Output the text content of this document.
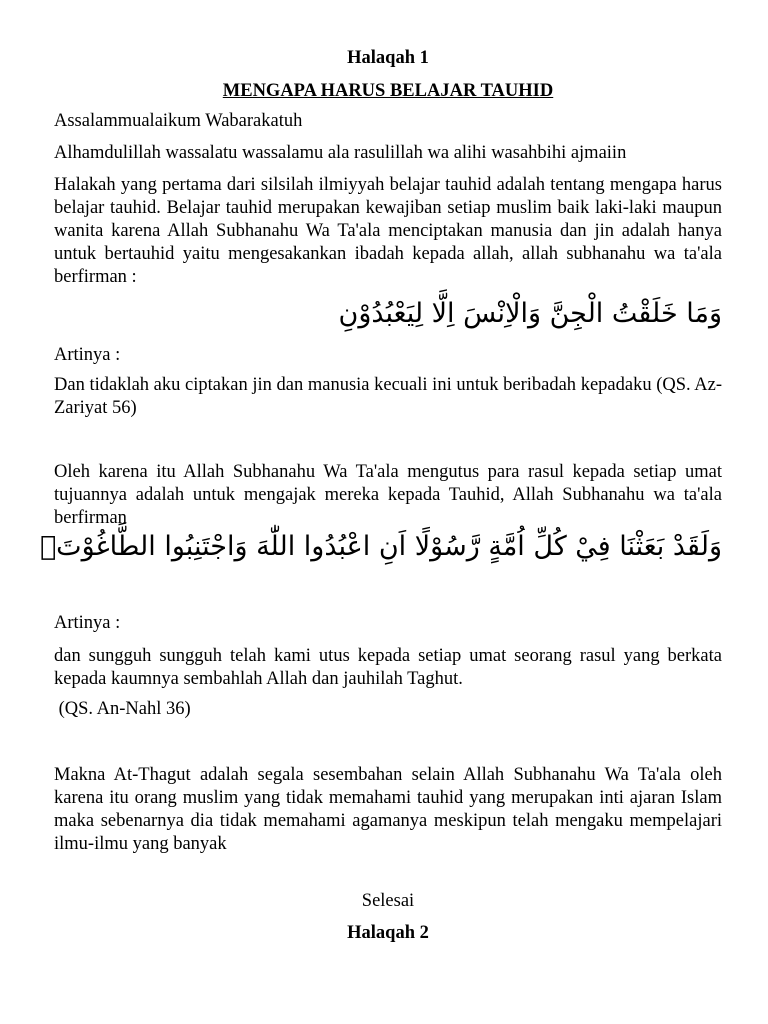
Halaqah 1
MENGAPA HARUS BELAJAR TAUHID
Assalammualaikum Wabarakatuh
Alhamdulillah wassalatu wassalamu ala rasulillah wa alihi wasahbihi ajmaiin
Halakah yang pertama dari silsilah ilmiyyah belajar tauhid adalah tentang mengapa harus belajar tauhid. Belajar tauhid merupakan kewajiban setiap muslim baik laki-laki maupun wanita karena Allah Subhanahu Wa Ta'ala menciptakan manusia dan jin adalah hanya untuk bertauhid yaitu mengesakankan ibadah kepada allah, allah subhanahu wa ta'ala berfirman :
وَمَا خَلَقْتُ الْجِنَّ وَالْاِنْسَ اِلَّا لِيَعْبُدُوْنِ
Artinya :
Dan tidaklah aku ciptakan jin dan manusia kecuali ini untuk beribadah kepadaku (QS. Az-Zariyat 56)
Oleh karena itu Allah Subhanahu Wa Ta'ala mengutus para rasul kepada setiap umat tujuannya adalah untuk mengajak mereka kepada Tauhid, Allah Subhanahu wa ta'ala berfirman
وَلَقَدْ بَعَثْنَا فِيْ كُلِّ اُمَّةٍ رَّسُوْلًا اَنِ اعْبُدُوا اللّٰهَ وَاجْتَنِبُوا الطَّاغُوْتَۚ
Artinya :
dan sungguh sungguh telah kami utus kepada setiap umat seorang rasul yang berkata kepada kaumnya sembahlah Allah dan jauhilah Taghut.
(QS. An-Nahl 36)
Makna At-Thagut adalah segala sesembahan selain Allah Subhanahu Wa Ta'ala oleh karena itu orang muslim yang tidak memahami tauhid yang merupakan inti ajaran Islam maka sebenarnya dia tidak memahami agamanya meskipun telah mengaku mempelajari ilmu-ilmu yang banyak
Selesai
Halaqah 2
